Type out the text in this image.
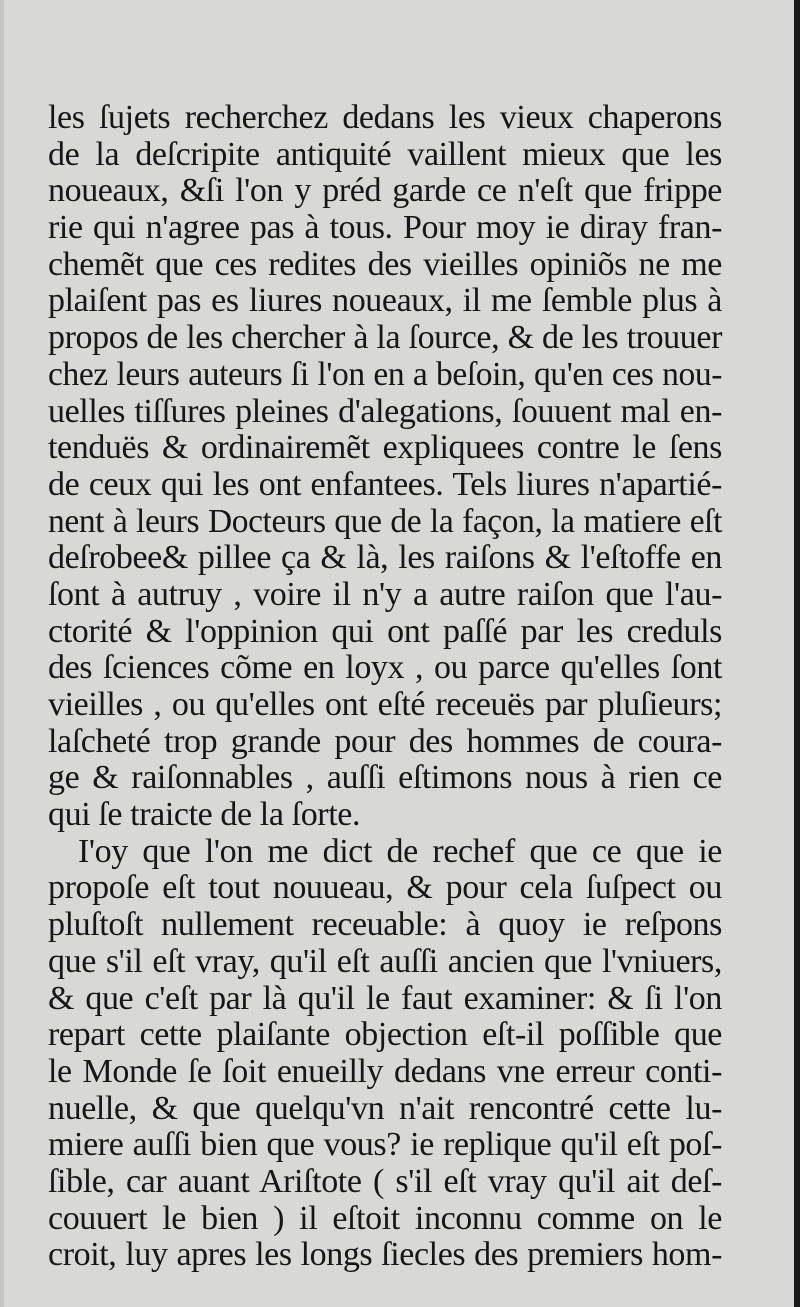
les ſujets recherchez dedans les vieux chaperons
de la deſcripite antiquité vaillent mieux que les
noueaux, &ſi l'on y préd garde ce n'eſt que frippe
rie qui n'agree pas à tous. Pour moy ie diray fran-
chemẽt que ces redites des vieilles opiniõs ne me
plaiſent pas es liures noueaux, il me ſemble plus à
propos de les chercher à la ſource, & de les trouuer
chez leurs auteurs ſi l'on en a beſoin, qu'en ces nou-
uelles tiſſures pleines d'alegations, ſouuent mal en-
tenduës & ordinairemẽt expliquees contre le ſens
de ceux qui les ont enfantees. Tels liures n'apartié-
nent à leurs Docteurs que de la façon, la matiere eſt
deſrobee& pillee ça & là, les raiſons & l'eſtoffe en
ſont à autruy , voire il n'y a autre raiſon que l'au-
ctorité & l'oppinion qui ont paſſé par les creduls
des ſciences cõme en loyx , ou parce qu'elles ſont
vieilles , ou qu'elles ont eſté receuës par pluſieurs;
laſcheté trop grande pour des hommes de coura-
ge & raiſonnables , auſſi eſtimons nous à rien ce
qui ſe traicte de la ſorte.
I'oy que l'on me dict de rechef que ce que ie
propoſe eſt tout nouueau, & pour cela ſuſpect ou
pluſtoſt nullement receuable: à quoy ie reſpons
que s'il eſt vray, qu'il eſt auſſi ancien que l'vniuers,
& que c'eſt par là qu'il le faut examiner: & ſi l'on
repart cette plaiſante objection eſt-il poſſible que
le Monde ſe ſoit enueilly dedans vne erreur conti-
nuelle, & que quelqu'vn n'ait rencontré cette lu-
miere auſſi bien que vous? ie replique qu'il eſt poſ-
ſible, car auant Ariſtote ( s'il eſt vray qu'il ait deſ-
couuert le bien ) il eſtoit inconnu comme on le
croit, luy apres les longs ſiecles des premiers hom-
